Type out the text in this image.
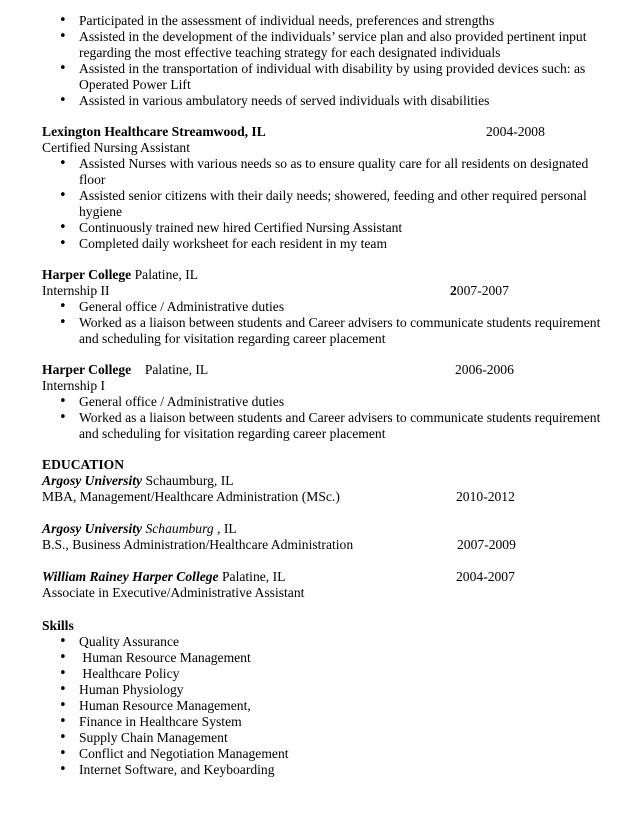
• Participated in the assessment of individual needs, preferences and strengths
• Assisted in the development of the individuals’ service plan and also provided pertinent input regarding the most effective teaching strategy for each designated individuals
• Assisted in the transportation of individual with disability by using provided devices such: as Operated Power Lift
• Assisted in various ambulatory needs of served individuals with disabilities
Lexington Healthcare Streamwood, IL	2004-2008
Certified Nursing Assistant
• Assisted Nurses with various needs so as to ensure quality care for all residents on designated floor
• Assisted senior citizens with their daily needs; showered, feeding and other required personal hygiene
• Continuously trained new hired Certified Nursing Assistant
• Completed daily worksheet for each resident in my team
Harper College Palatine, IL
Internship II	2007-2007
• General office / Administrative duties
• Worked as a liaison between students and Career advisers to communicate students requirement and scheduling for visitation regarding career placement
Harper College    Palatine, IL	2006-2006
Internship I
• General office / Administrative duties
• Worked as a liaison between students and Career advisers to communicate students requirement and scheduling for visitation regarding career placement
EDUCATION
Argosy University Schaumburg, IL
MBA, Management/Healthcare Administration (MSc.)	2010-2012
Argosy University Schaumburg , IL
B.S., Business Administration/Healthcare Administration	2007-2009
William Rainey Harper College Palatine, IL	2004-2007
Associate in Executive/Administrative Assistant
Skills
• Quality Assurance
•  Human Resource Management
•  Healthcare Policy
• Human Physiology
• Human Resource Management,
• Finance in Healthcare System
• Supply Chain Management
• Conflict and Negotiation Management
• Internet Software, and Keyboarding
